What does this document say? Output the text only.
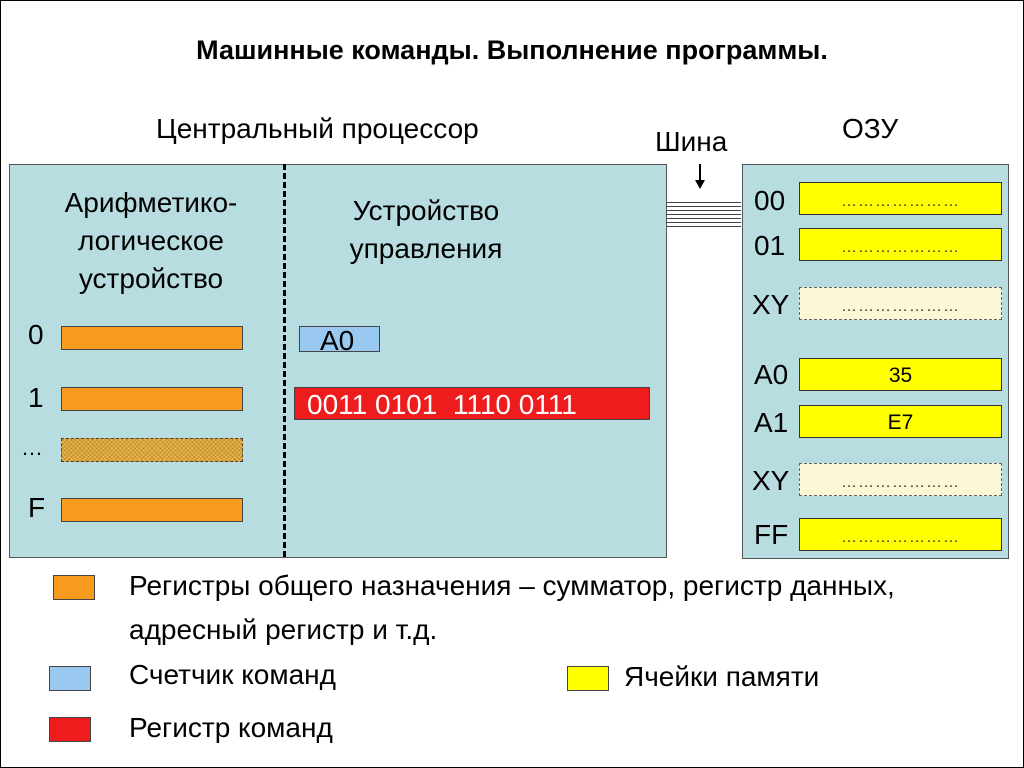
Машинные команды. Выполнение программы.
Центральный процессор	Шина	ОЗУ
Арифметико-
логическое
устройство
0
1
…
F
Устройство
управления
A0
0011 0101  1110 0111
00	…………………
01	…………………
XY	…………………
A0	35
A1	E7
XY	…………………
FF	…………………
Регистры общего назначения – сумматор, регистр данных, адресный регистр и т.д.
Счетчик команд
Регистр команд
Ячейки памяти
